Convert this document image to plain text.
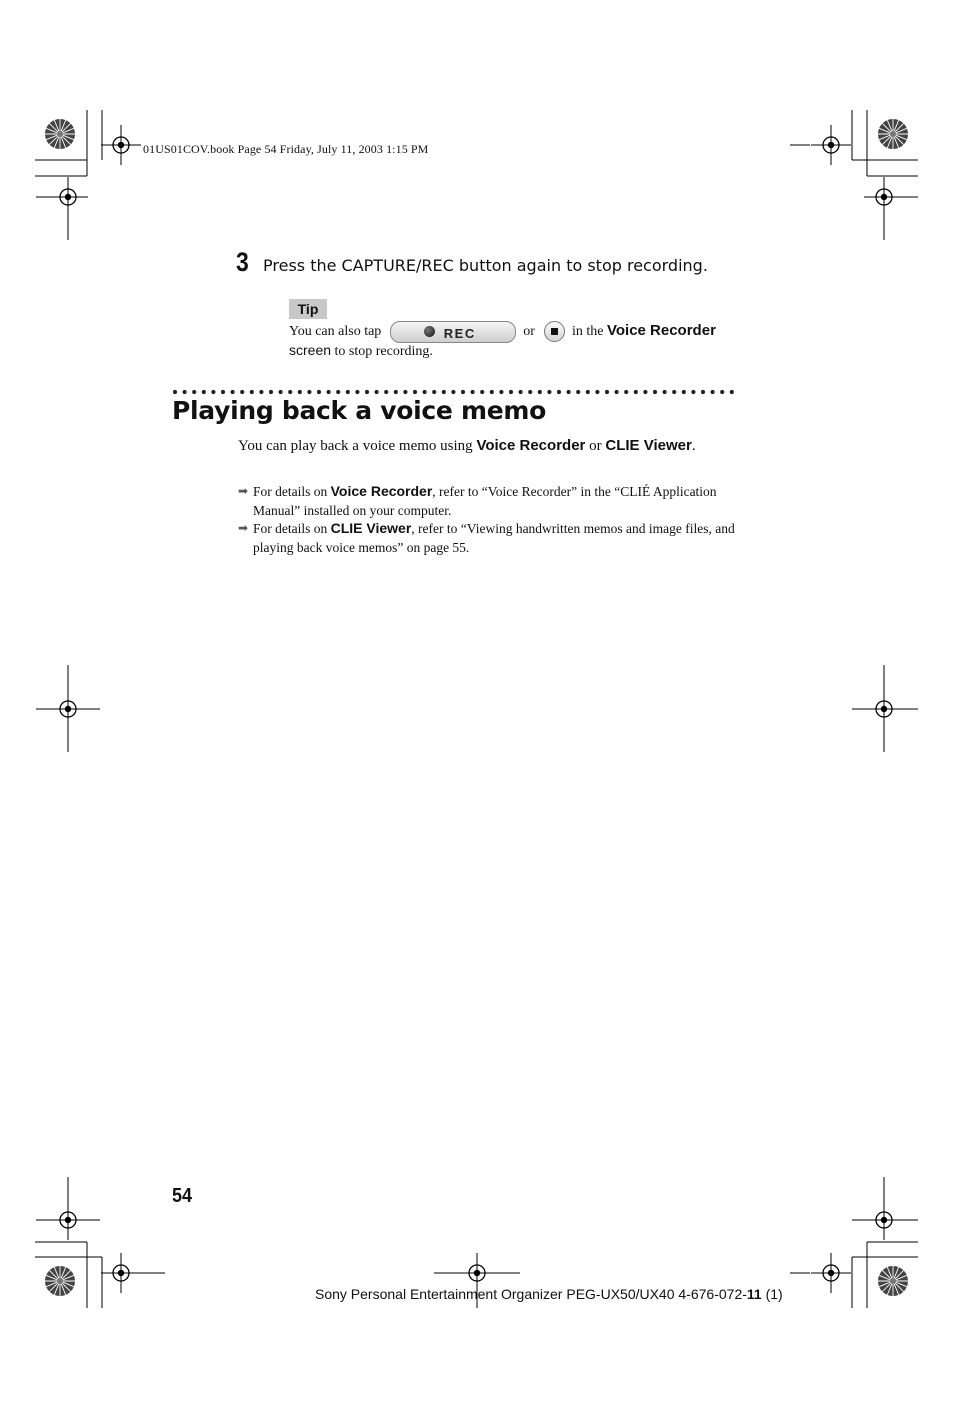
01US01COV.book Page 54 Friday, July 11, 2003 1:15 PM
3 Press the CAPTURE/REC button again to stop recording.
Tip
You can also tap	REC	or	in the Voice Recorder
screen to stop recording.
Playing back a voice memo
You can play back a voice memo using Voice Recorder or CLIE Viewer.
➡ For details on Voice Recorder, refer to “Voice Recorder” in the “CLIÉ Application Manual” installed on your computer.
➡ For details on CLIE Viewer, refer to “Viewing handwritten memos and image files, and playing back voice memos” on page 55.
54
Sony Personal Entertainment Organizer PEG-UX50/UX40 4-676-072-11 (1)
